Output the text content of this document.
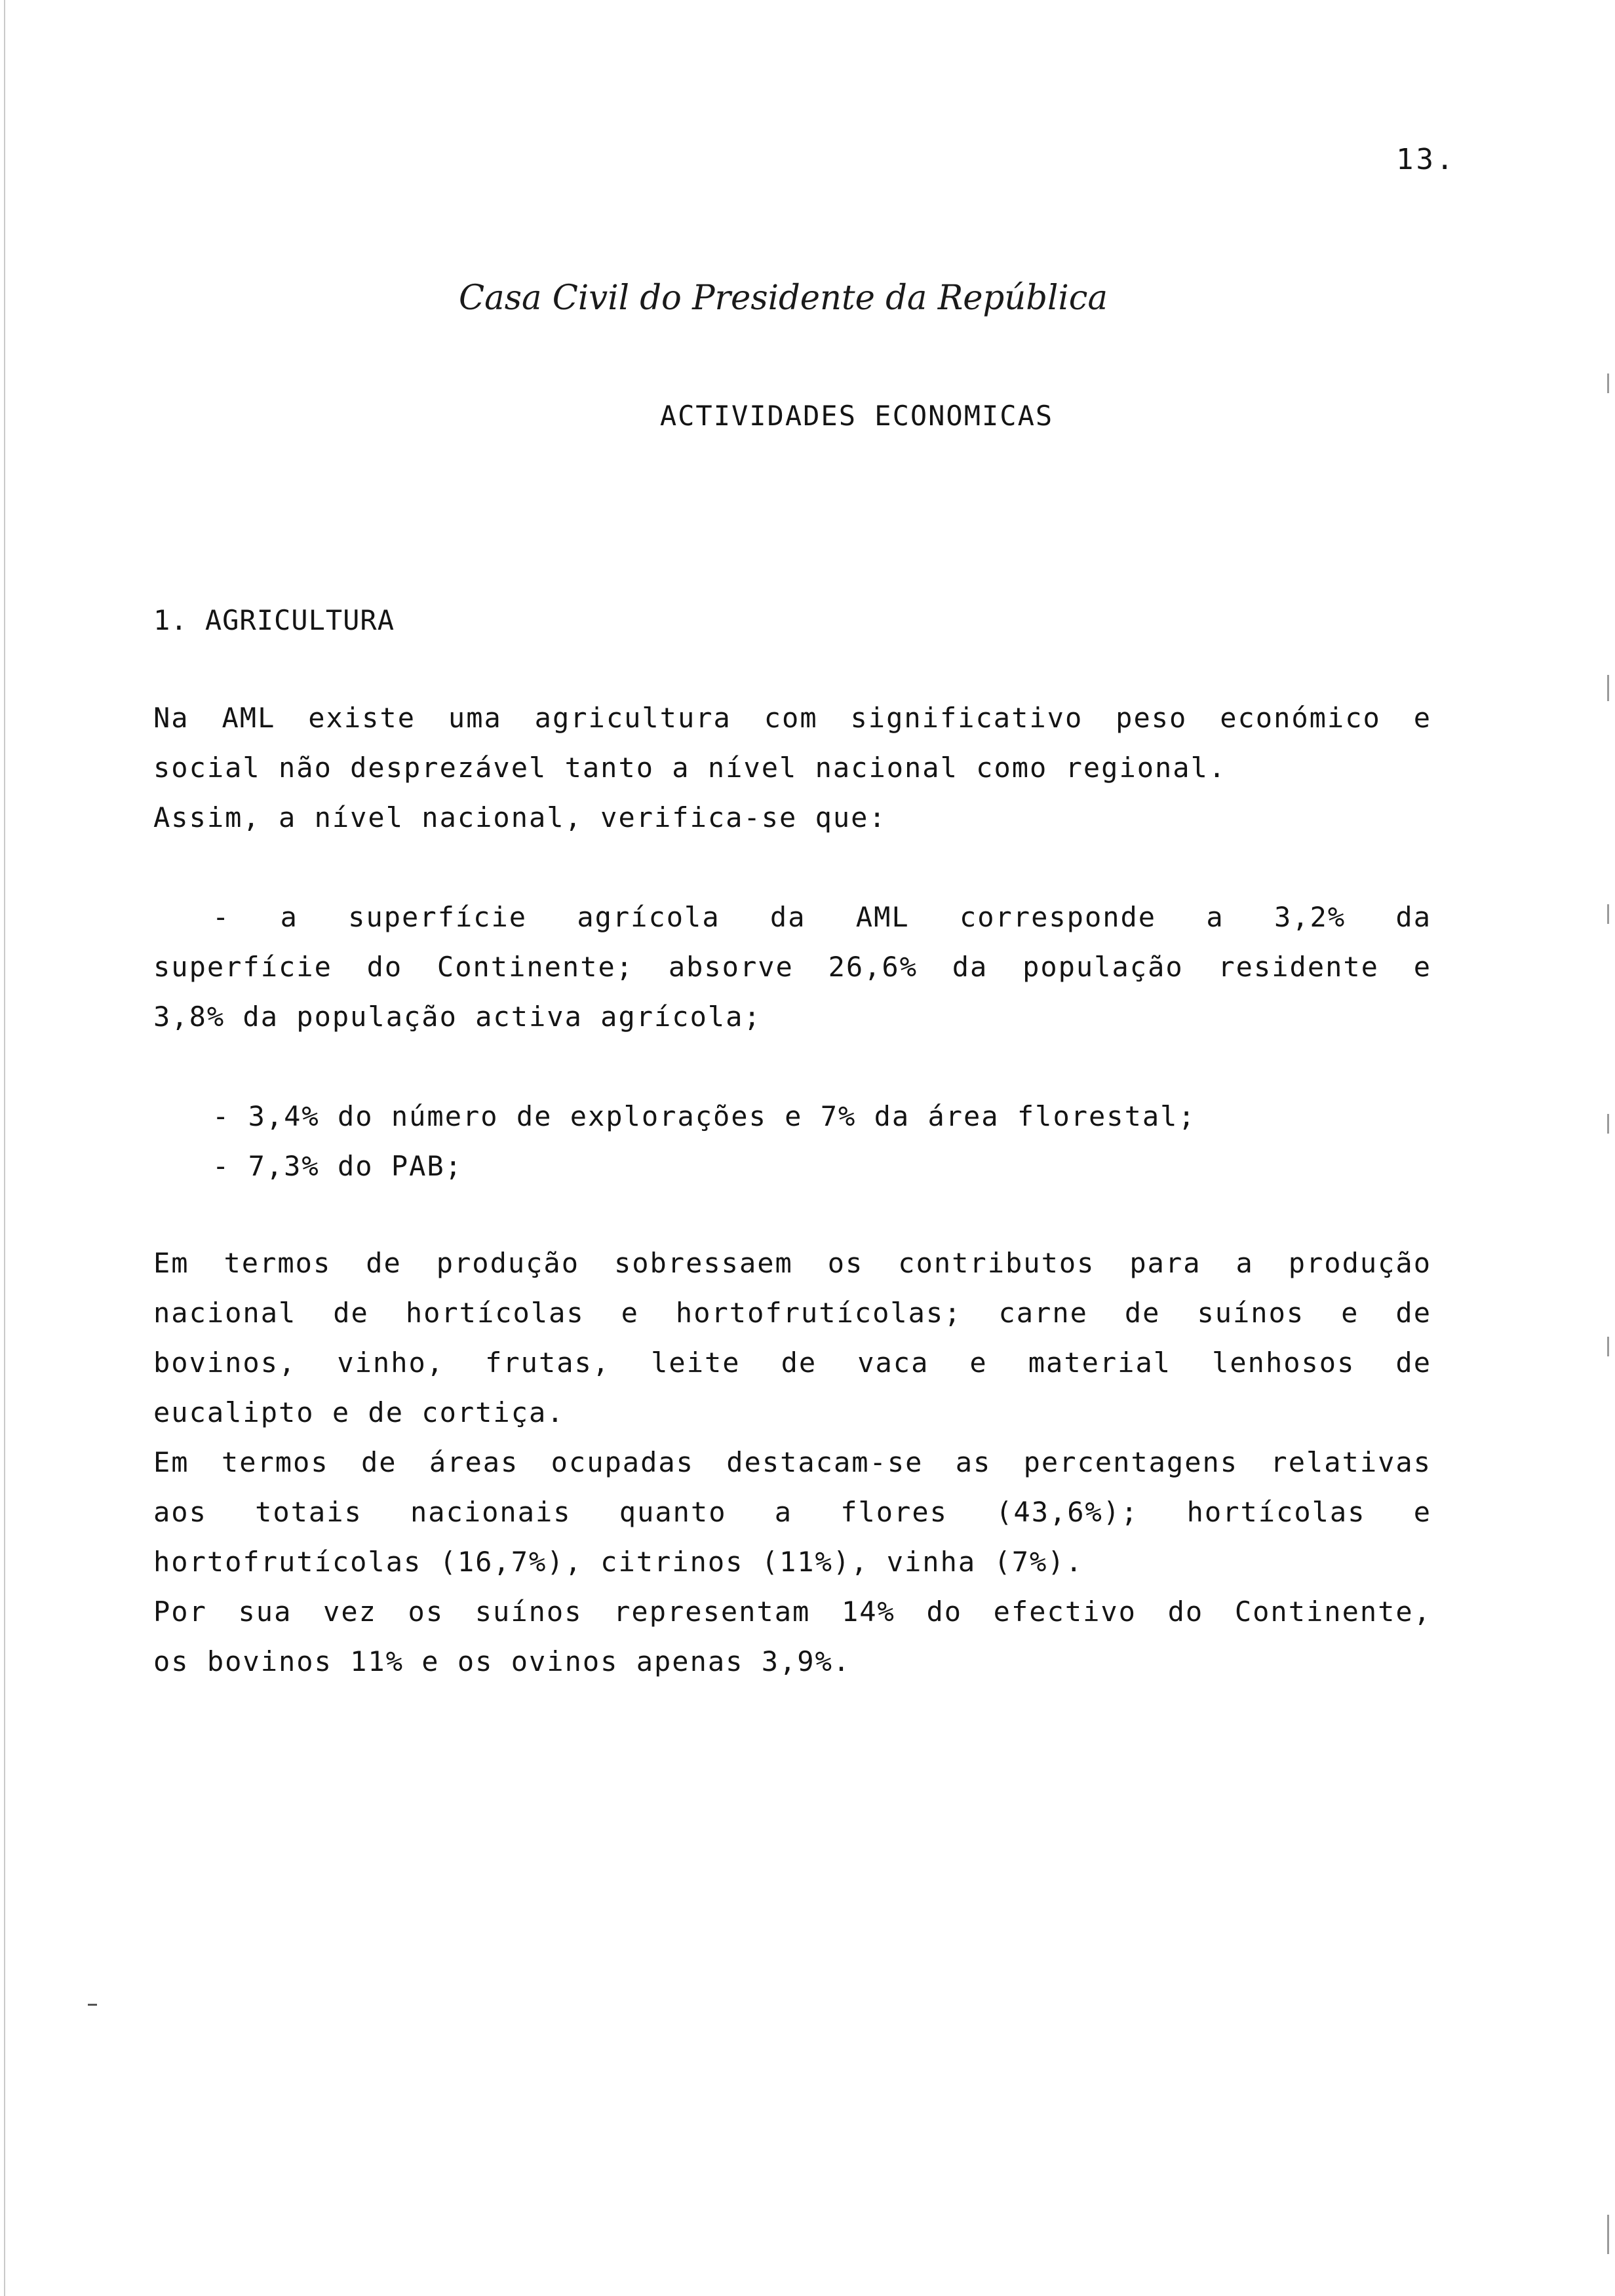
13.
Casa Civil do Presidente da República
ACTIVIDADES ECONOMICAS
1. AGRICULTURA
Na AML existe uma agricultura com significativo peso económico e
social não desprezável tanto a nível nacional como regional.
Assim, a nível nacional, verifica-se que:
- a superfície agrícola da AML corresponde a 3,2% da
superfície do Continente; absorve 26,6% da população residente e
3,8% da população activa agrícola;
- 3,4% do número de explorações e 7% da área florestal;
- 7,3% do PAB;
Em termos de produção sobressaem os contributos para a produção
nacional de hortícolas e hortofrutícolas; carne de suínos e de
bovinos, vinho, frutas, leite de vaca e material lenhosos de
eucalipto e de cortiça.
Em termos de áreas ocupadas destacam-se as percentagens relativas
aos totais nacionais quanto a flores (43,6%); hortícolas e
hortofrutícolas (16,7%), citrinos (11%), vinha (7%).
Por sua vez os suínos representam 14% do efectivo do Continente,
os bovinos 11% e os ovinos apenas 3,9%.
